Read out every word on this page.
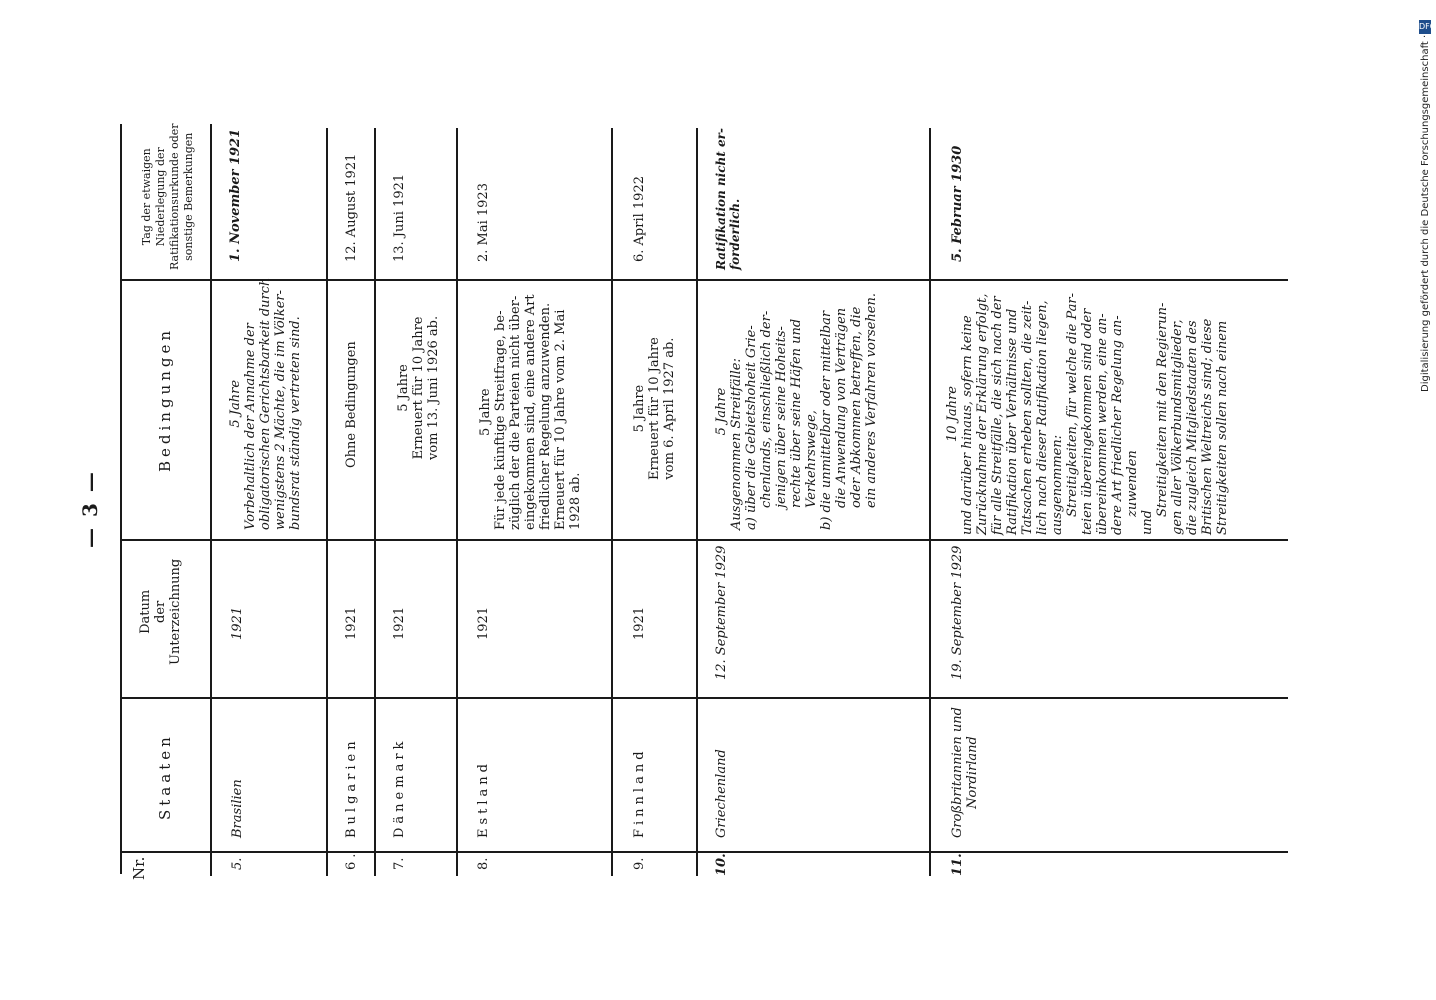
— 3 —
Digitalisierung gefördert durch die Deutsche Forschungsgemeinschaft ·
DFG
Nr.
Staaten
Datum der Unterzeichnung
Bedingungen
Tag der etwaigen Niederlegung der Ratifikationsurkunde oder sonstige Bemerkungen
5.
Brasilien
1921
5 Jahre Vorbehaltlich der Annahme der obligatorischen Gerichtsbarkeit durch wenigstens 2 Mächte, die im Völker- bundsrat ständig vertreten sind.
1. November 1921
6.
Bulgarien
1921
Ohne Bedingungen
12. August 1921
7.
Dänemark
1921
5 Jahre Erneuert für 10 Jahre vom 13. Juni 1926 ab.
13. Juni 1921
8.
Estland
1921
5 Jahre Für jede künftige Streitfrage, be- züglich der die Parteien nicht über- eingekommen sind, eine andere Art friedlicher Regelung anzuwenden. Erneuert für 10 Jahre vom 2. Mai 1928 ab.
2. Mai 1923
9.
Finnland
1921
5 Jahre Erneuert für 10 Jahre vom 6. April 1927 ab.
6. April 1922
10.
Griechenland
12. September 1929
5 Jahre Ausgenommen Streitfälle: a) über die Gebietshoheit Grie- chenlands, einschließlich der- jenigen über seine Hoheits- rechte über seine Häfen und Verkehrswege, b) die unmittelbar oder mittelbar die Anwendung von Verträgen oder Abkommen betreffen, die ein anderes Verfahren vorsehen.
Ratifikation nicht er- forderlich.
11.
Großbritannien und Nordirland
19. September 1929
10 Jahre und darüber hinaus, sofern keine Zurücknahme der Erklärung erfolgt, für alle Streitfälle, die sich nach der Ratifikation über Verhältnisse und Tatsachen erheben sollten, die zeit- lich nach dieser Ratifikation liegen, ausgenommen: Streitigkeiten, für welche die Par- teien übereingekommen sind oder übereinkommen werden, eine an- dere Art friedlicher Regelung an- zuwenden
und
Streitigkeiten mit den Regierun- gen aller Völkerbundsmitglieder, die zugleich Mitgliedstaaten des Britischen Weltreichs sind; diese Streitigkeiten sollen nach einem
5. Februar 1930
